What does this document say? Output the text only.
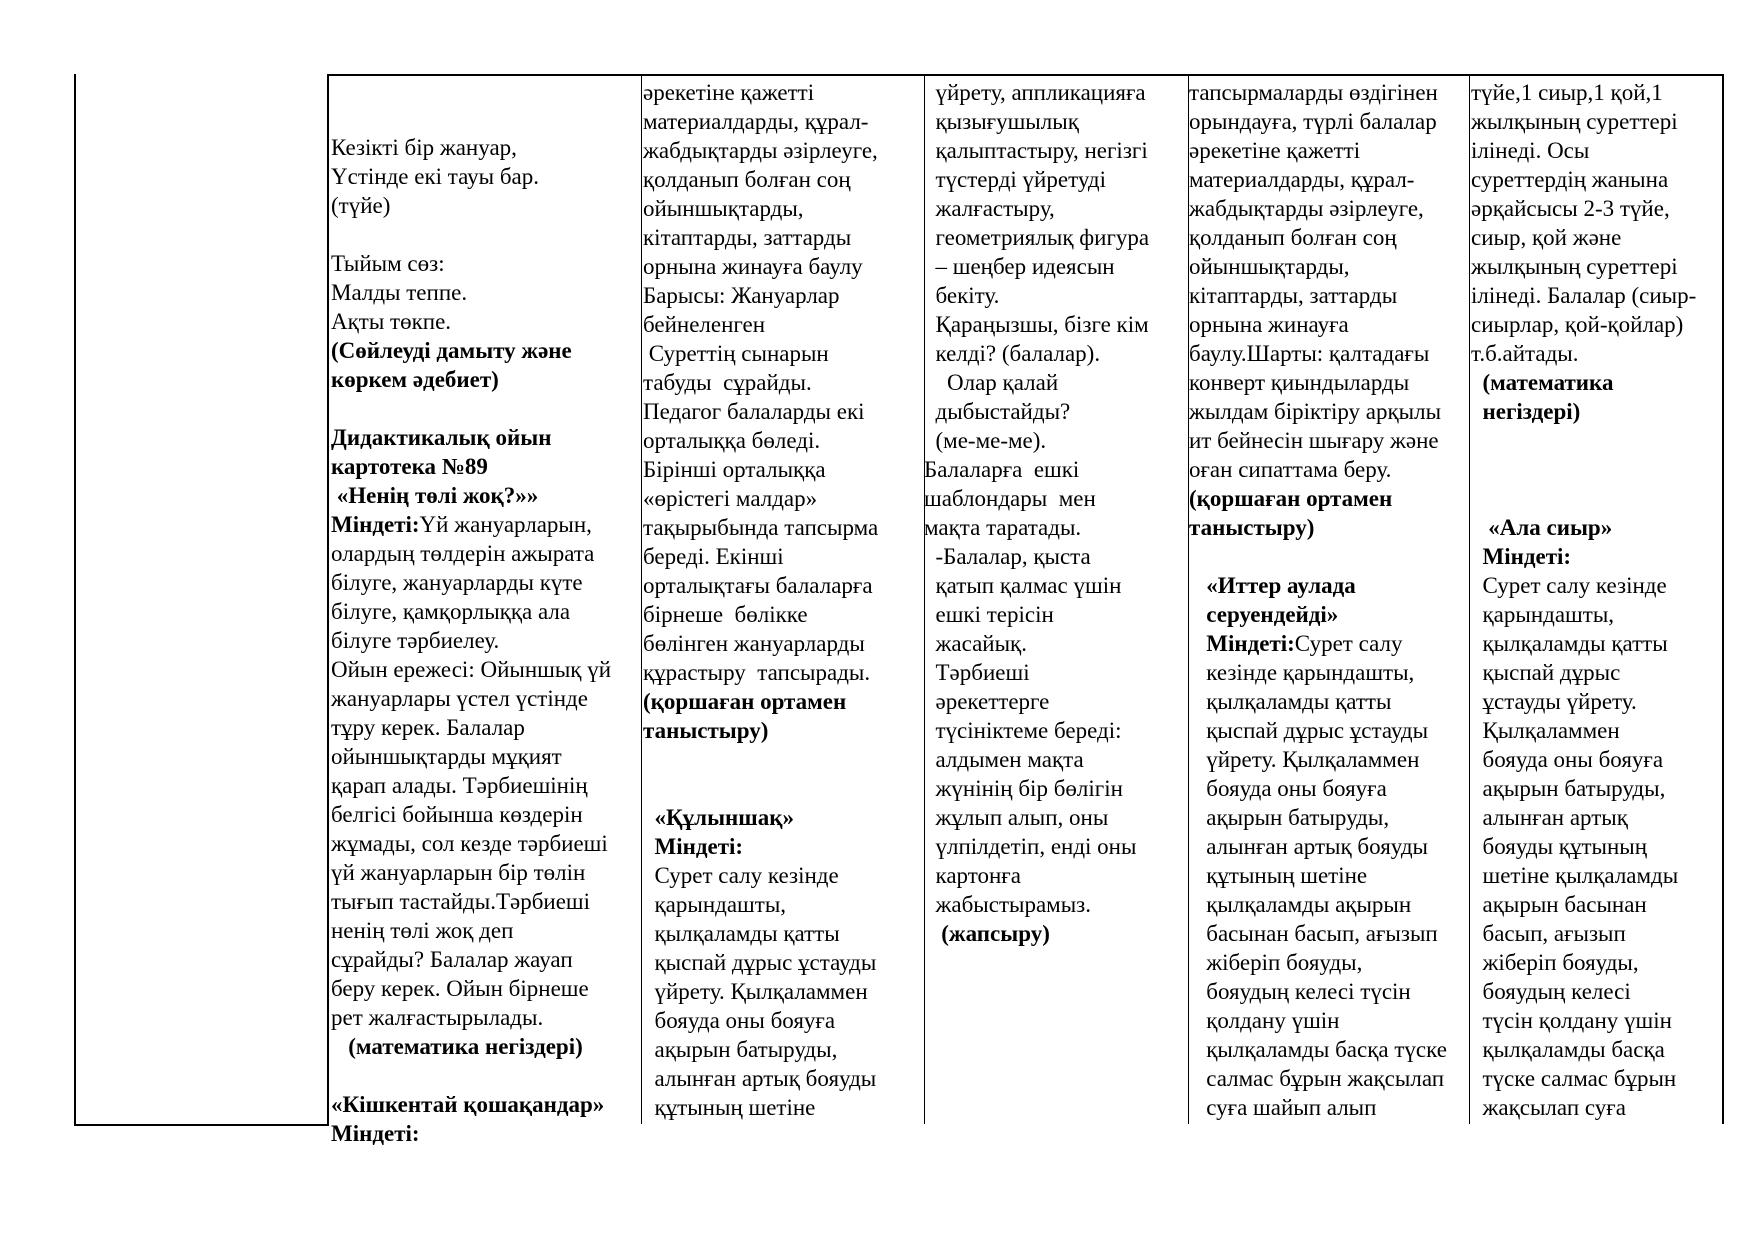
Кезікті бір жануар,
Үстінде екі тауы бар.
(түйе)
Тыйым сөз:
Малды теппе.
Ақты төкпе.
(Сөйлеуді дамыту және
көркем әдебиет)
Дидактикалық ойын
картотека №89
«Ненің төлі жоқ?»»
Міндеті:Үй жануарларын,
олардың төлдерін ажырата
білуге, жануарларды күте
білуге, қамқорлыққа ала
білуге тәрбиелеу.
Ойын ережесі: Ойыншық үй
жануарлары үстел үстінде
тұру керек. Балалар
ойыншықтарды мұқият
қарап алады. Тәрбиешінің
белгісі бойынша көздерін
жұмады, сол кезде тәрбиеші
үй жануарларын бір төлін
тығып тастайды.Тәрбиеші
ненің төлі жоқ деп
сұрайды? Балалар жауап
беру керек. Ойын бірнеше
рет жалғастырылады.
(математика негіздері)
«Кішкентай қошақандар»
Міндеті:
әрекетіне қажетті
материалдарды, құрал-
жабдықтарды әзірлеуге,
қолданып болған соң
ойыншықтарды,
кітаптарды, заттарды
орнына жинауға баулу
Барысы: Жануарлар
бейнеленген
Суреттің сынарын
табуды  сұрайды.
Педагог балаларды екі
орталыққа бөледі.
Бірінші орталыққа
«өрістегі малдар»
тақырыбында тапсырма
береді. Екінші
орталықтағы балаларға
бірнеше  бөлікке
бөлінген жануарларды
құрастыру  тапсырады.
(қоршаған ортамен
таныстыру)
«Құлыншақ»
Міндеті:
Сурет салу кезінде
қарындашты,
қылқаламды қатты
қыспай дұрыс ұстауды
үйрету. Қылқаламмен
бояуда оны бояуға
ақырын батыруды,
алынған артық бояуды
құтының шетіне
үйрету, аппликацияға
қызығушылық
қалыптастыру, негізгі
түстерді үйретуді
жалғастыру,
геометриялық фигура
– шеңбер идеясын
бекіту.
Қараңызшы, бізге кім
келді? (балалар).
Олар қалай
дыбыстайды?
(ме-ме-ме).
Балаларға  ешкі
шаблондары  мен
мақта таратады.
-Балалар, қыста
қатып қалмас үшін
ешкі терісін
жасайық.
Тәрбиеші
әрекеттерге
түсініктеме береді:
алдымен мақта
жүнінің бір бөлігін
жұлып алып, оны
үлпілдетіп, енді оны
картонға
жабыстырамыз.
(жапсыру)
тапсырмаларды өздігінен
орындауға, түрлі балалар
әрекетіне қажетті
материалдарды, құрал-
жабдықтарды әзірлеуге,
қолданып болған соң
ойыншықтарды,
кітаптарды, заттарды
орнына жинауға
баулу.Шарты: қалтадағы
конверт қиындыларды
жылдам біріктіру арқылы
ит бейнесін шығару және
оған сипаттама беру.
(қоршаған ортамен
таныстыру)
«Иттер аулада
серуендейді»
Міндеті:Сурет салу
кезінде қарындашты,
қылқаламды қатты
қыспай дұрыс ұстауды
үйрету. Қылқаламмен
бояуда оны бояуға
ақырын батыруды,
алынған артық бояуды
құтының шетіне
қылқаламды ақырын
басынан басып, ағызып
жіберіп бояуды,
бояудың келесі түсін
қолдану үшін
қылқаламды басқа түске
салмас бұрын жақсылап
суға шайып алып
түйе,1 сиыр,1 қой,1
жылқының суреттері
ілінеді. Осы
суреттердің жанына
әрқайсысы 2-3 түйе,
сиыр, қой және
жылқының суреттері
ілінеді. Балалар (сиыр-
сиырлар, қой-қойлар)
т.б.айтады.
(математика
негіздері)
«Ала сиыр»
Міндеті:
Сурет салу кезінде
қарындашты,
қылқаламды қатты
қыспай дұрыс
ұстауды үйрету.
Қылқаламмен
бояуда оны бояуға
ақырын батыруды,
алынған артық
бояуды құтының
шетіне қылқаламды
ақырын басынан
басып, ағызып
жіберіп бояуды,
бояудың келесі
түсін қолдану үшін
қылқаламды басқа
түске салмас бұрын
жақсылап суға
